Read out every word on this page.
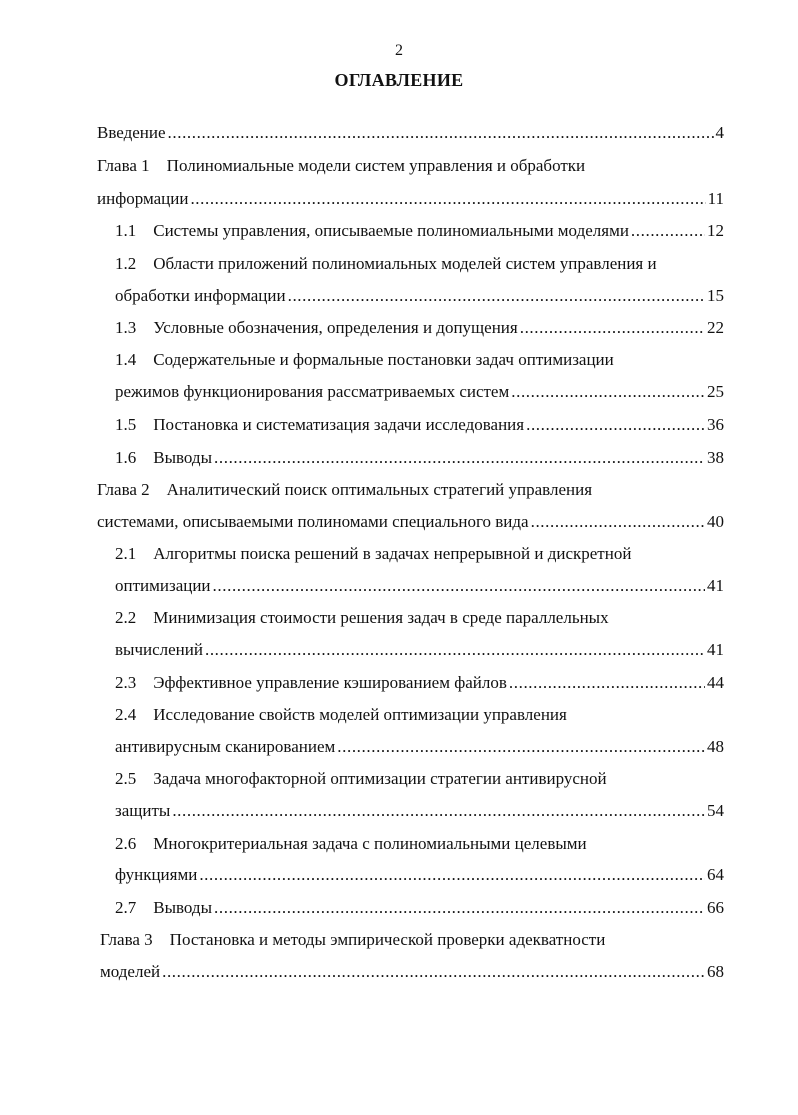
2
ОГЛАВЛЕНИЕ
Введение .....	4
Глава 1    Полиномиальные модели систем управления и обработки
информации .....	11
1.1 Системы управления, описываемые полиномиальными моделями .....	12
1.2 Области приложений полиномиальных моделей систем управления и
обработки информации .....	15
1.3 Условные обозначения, определения и допущения .....	22
1.4 Содержательные и формальные постановки задач оптимизации
режимов функционирования рассматриваемых систем .....	25
1.5 Постановка и систематизация задачи исследования .....	36
1.6 Выводы .....	38
Глава 2    Аналитический поиск оптимальных стратегий управления
системами, описываемыми полиномами специального вида .....	40
2.1 Алгоритмы поиска решений в задачах непрерывной и дискретной
оптимизации .....	41
2.2 Минимизация стоимости решения задач в среде параллельных
вычислений .....	41
2.3 Эффективное управление кэшированием файлов .....	44
2.4 Исследование свойств моделей оптимизации управления
антивирусным сканированием .....	48
2.5 Задача многофакторной оптимизации стратегии антивирусной
защиты .....	54
2.6 Многокритериальная задача с полиномиальными целевыми
функциями .....	64
2.7 Выводы .....	66
Глава 3    Постановка и методы эмпирической проверки адекватности
моделей .....	68
